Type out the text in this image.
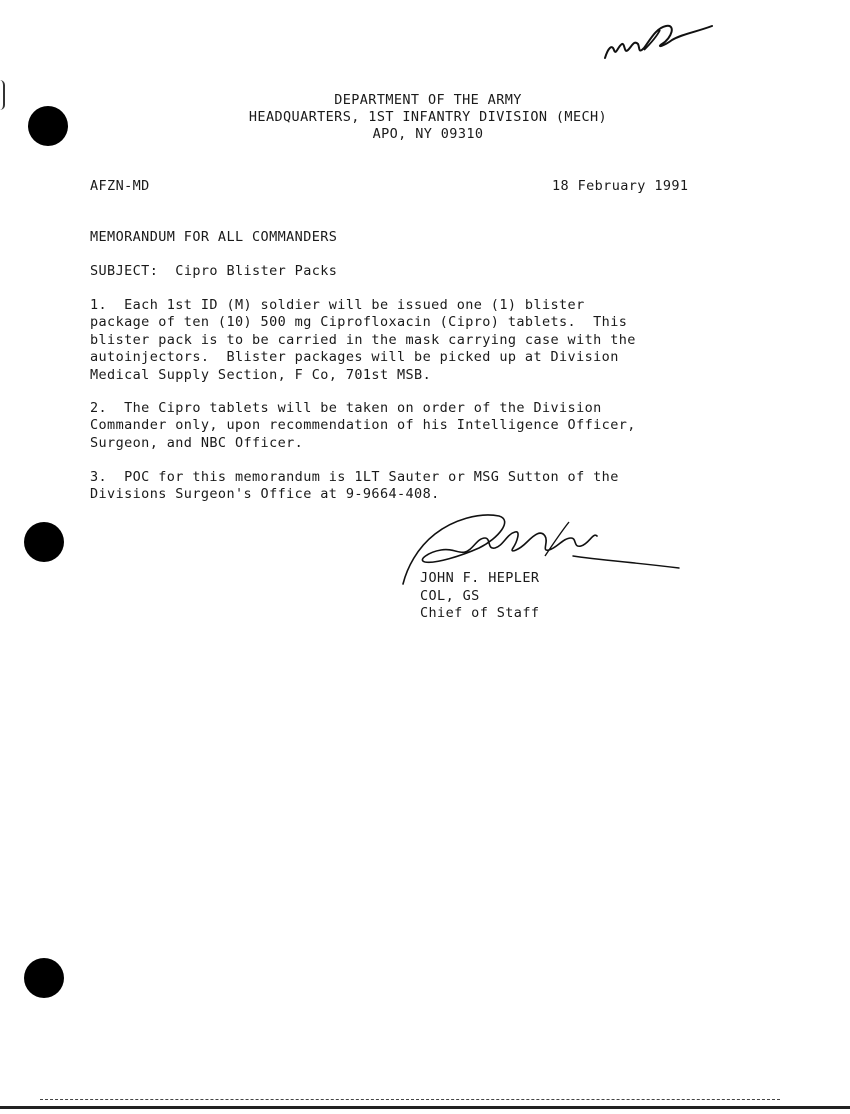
DEPARTMENT OF THE ARMY
HEADQUARTERS, 1ST INFANTRY DIVISION (MECH)
APO, NY 09310
AFZN-MD	18 February 1991
MEMORANDUM FOR ALL COMMANDERS
SUBJECT: Cipro Blister Packs
1.  Each 1st ID (M) soldier will be issued one (1) blister
package of ten (10) 500 mg Ciprofloxacin (Cipro) tablets.  This
blister pack is to be carried in the mask carrying case with the
autoinjectors.  Blister packages will be picked up at Division
Medical Supply Section, F Co, 701st MSB.
2.  The Cipro tablets will be taken on order of the Division
Commander only, upon recommendation of his Intelligence Officer,
Surgeon, and NBC Officer.
3.  POC for this memorandum is 1LT Sauter or MSG Sutton of the
Divisions Surgeon's Office at 9-9664-408.
JOHN F. HEPLER
COL, GS
Chief of Staff
